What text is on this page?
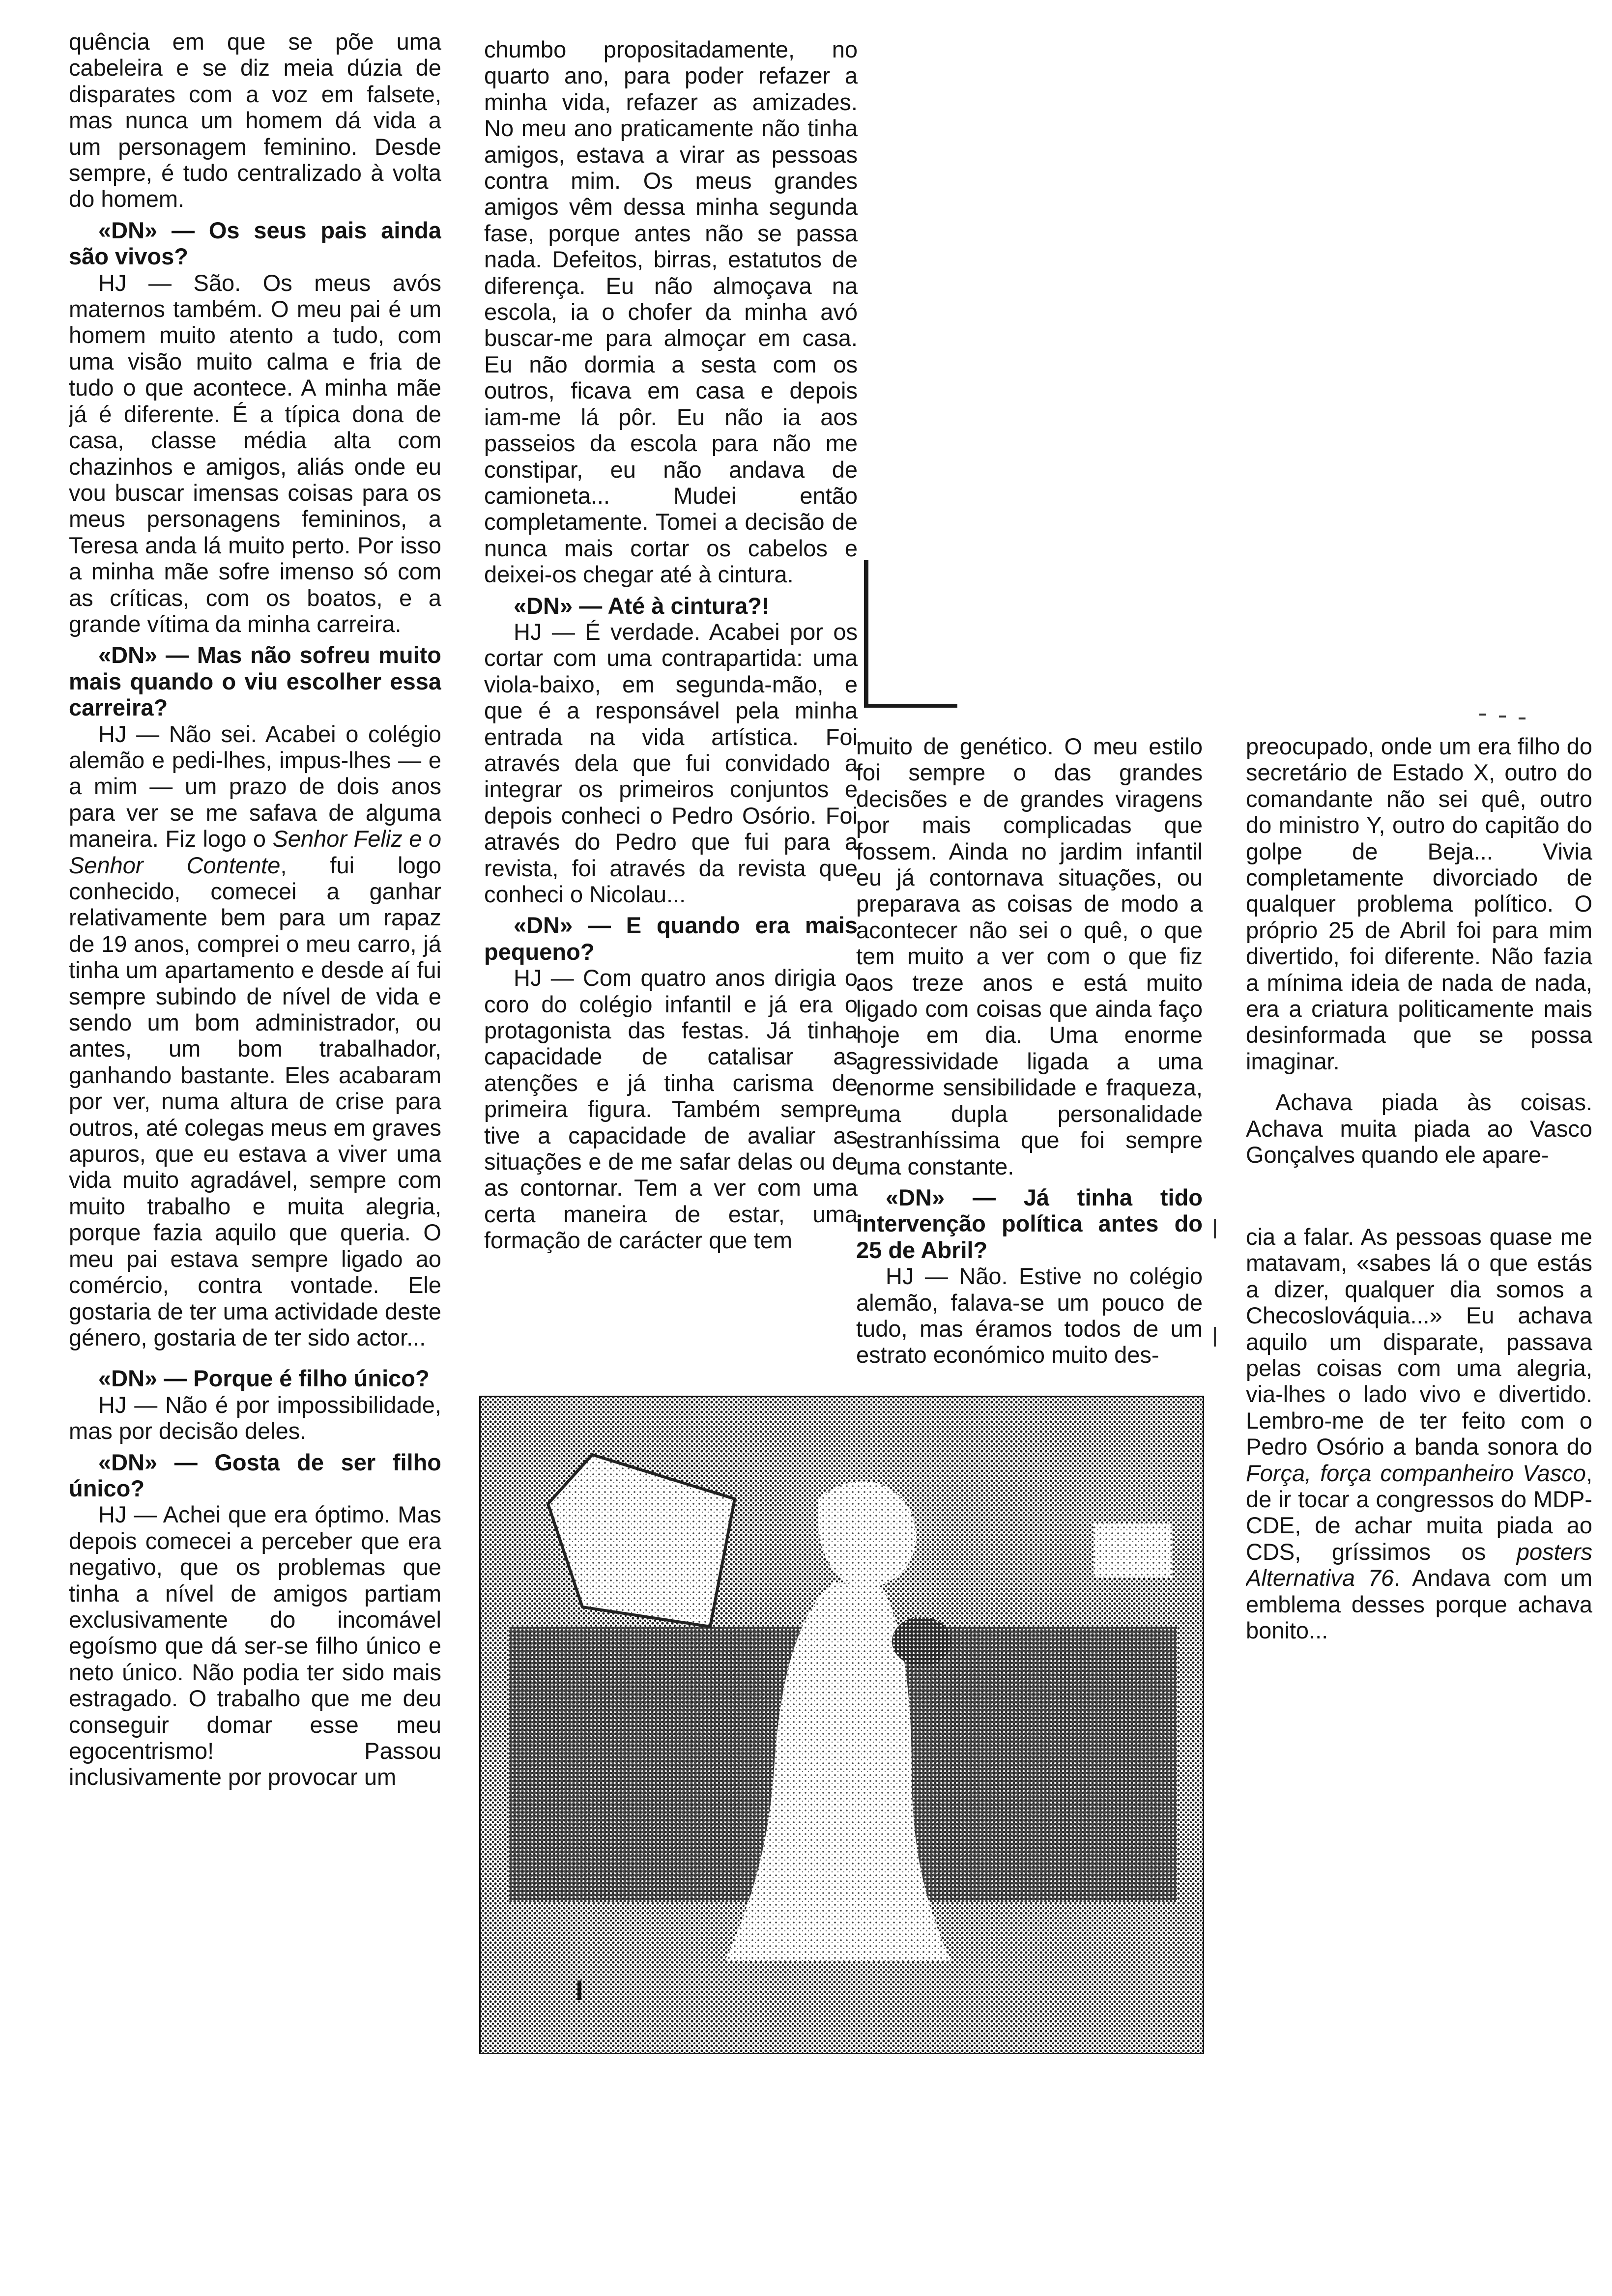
quência em que se põe uma cabeleira e se diz meia dúzia de disparates com a voz em falsete, mas nunca um homem dá vida a um personagem feminino. Desde sempre, é tudo centralizado à volta do homem.

«DN» — Os seus pais ainda são vivos?

HJ — São. Os meus avós maternos também. O meu pai é um homem muito atento a tudo, com uma visão muito calma e fria de tudo o que acontece. A minha mãe já é diferente. É a típica dona de casa, classe média alta com chazinhos e amigos, aliás onde eu vou buscar imensas coisas para os meus personagens femininos, a Teresa anda lá muito perto. Por isso a minha mãe sofre imenso só com as críticas, com os boatos, e a grande vítima da minha carreira.

«DN» — Mas não sofreu muito mais quando o viu escolher essa carreira?

HJ — Não sei. Acabei o colégio alemão e pedi-lhes, impus-lhes — e a mim — um prazo de dois anos para ver se me safava de alguma maneira. Fiz logo o Senhor Feliz e o Senhor Contente, fui logo conhecido, comecei a ganhar relativamente bem para um rapaz de 19 anos, comprei o meu carro, já tinha um apartamento e desde aí fui sempre subindo de nível de vida e sendo um bom administrador, ou antes, um bom trabalhador, ganhando bastante. Eles acabaram por ver, numa altura de crise para outros, até colegas meus em graves apuros, que eu estava a viver uma vida muito agradável, sempre com muito trabalho e muita alegria, porque fazia aquilo que queria. O meu pai estava sempre ligado ao comércio, contra vontade. Ele gostaria de ter uma actividade deste género, gostaria de ter sido actor...

«DN» — Porque é filho único?

HJ — Não é por impossibilidade, mas por decisão deles.

«DN» — Gosta de ser filho único?

HJ — Achei que era óptimo. Mas depois comecei a perceber que era negativo, que os problemas que tinha a nível de amigos partiam exclusivamente do incomável egoísmo que dá ser-se filho único e neto único. Não podia ter sido mais estragado. O trabalho que me deu conseguir domar esse meu egocentrismo! Passou inclusivamente por provocar um

chumbo propositadamente, no quarto ano, para poder refazer a minha vida, refazer as amizades. No meu ano praticamente não tinha amigos, estava a virar as pessoas contra mim. Os meus grandes amigos vêm dessa minha segunda fase, porque antes não se passa nada. Defeitos, birras, estatutos de diferença. Eu não almoçava na escola, ia o chofer da minha avó buscar-me para almoçar em casa. Eu não dormia a sesta com os outros, ficava em casa e depois iam-me lá pôr. Eu não ia aos passeios da escola para não me constipar, eu não andava de camioneta... Mudei então completamente. Tomei a decisão de nunca mais cortar os cabelos e deixei-os chegar até à cintura.

«DN» — Até à cintura?!

HJ — É verdade. Acabei por os cortar com uma contrapartida: uma viola-baixo, em segunda-mão, e que é a responsável pela minha entrada na vida artística. Foi através dela que fui convidado a integrar os primeiros conjuntos e depois conheci o Pedro Osório. Foi através do Pedro que fui para a revista, foi através da revista que conheci o Nicolau...

«DN» — E quando era mais pequeno?

HJ — Com quatro anos dirigia o coro do colégio infantil e já era o protagonista das festas. Já tinha capacidade de catalisar as atenções e já tinha carisma de primeira figura. Também sempre tive a capacidade de avaliar as situações e de me safar delas ou de as contornar. Tem a ver com uma certa maneira de estar, uma formação de carácter que tem

muito de genético. O meu estilo foi sempre o das grandes decisões e de grandes viragens por mais complicadas que fossem. Ainda no jardim infantil eu já contornava situações, ou preparava as coisas de modo a acontecer não sei o quê, o que tem muito a ver com o que fiz aos treze anos e está muito ligado com coisas que ainda faço hoje em dia. Uma enorme agressividade ligada a uma enorme sensibilidade e fraqueza, uma dupla personalidade estranhíssima que foi sempre uma constante.

«DN» — Já tinha tido intervenção política antes do 25 de Abril?

HJ — Não. Estive no colégio alemão, falava-se um pouco de tudo, mas éramos todos de um estrato económico muito des-

preocupado, onde um era filho do secretário de Estado X, outro do comandante não sei quê, outro do ministro Y, outro do capitão do golpe de Beja... Vivia completamente divorciado de qualquer problema político. O próprio 25 de Abril foi para mim divertido, foi diferente. Não fazia a mínima ideia de nada de nada, era a criatura politicamente mais desinformada que se possa imaginar.

Achava piada às coisas. Achava muita piada ao Vasco Gonçalves quando ele apare-

cia a falar. As pessoas quase me matavam, «sabes lá o que estás a dizer, qualquer dia somos a Checoslováquia...» Eu achava aquilo um disparate, passava pelas coisas com uma alegria, via-lhes o lado vivo e divertido. Lembro-me de ter feito com o Pedro Osório a banda sonora do Força, força companheiro Vasco, de ir tocar a congressos do MDP-CDE, de achar muita piada ao CDS, gríssimos os posters Alternativa 76. Andava com um emblema desses porque achava bonito...
